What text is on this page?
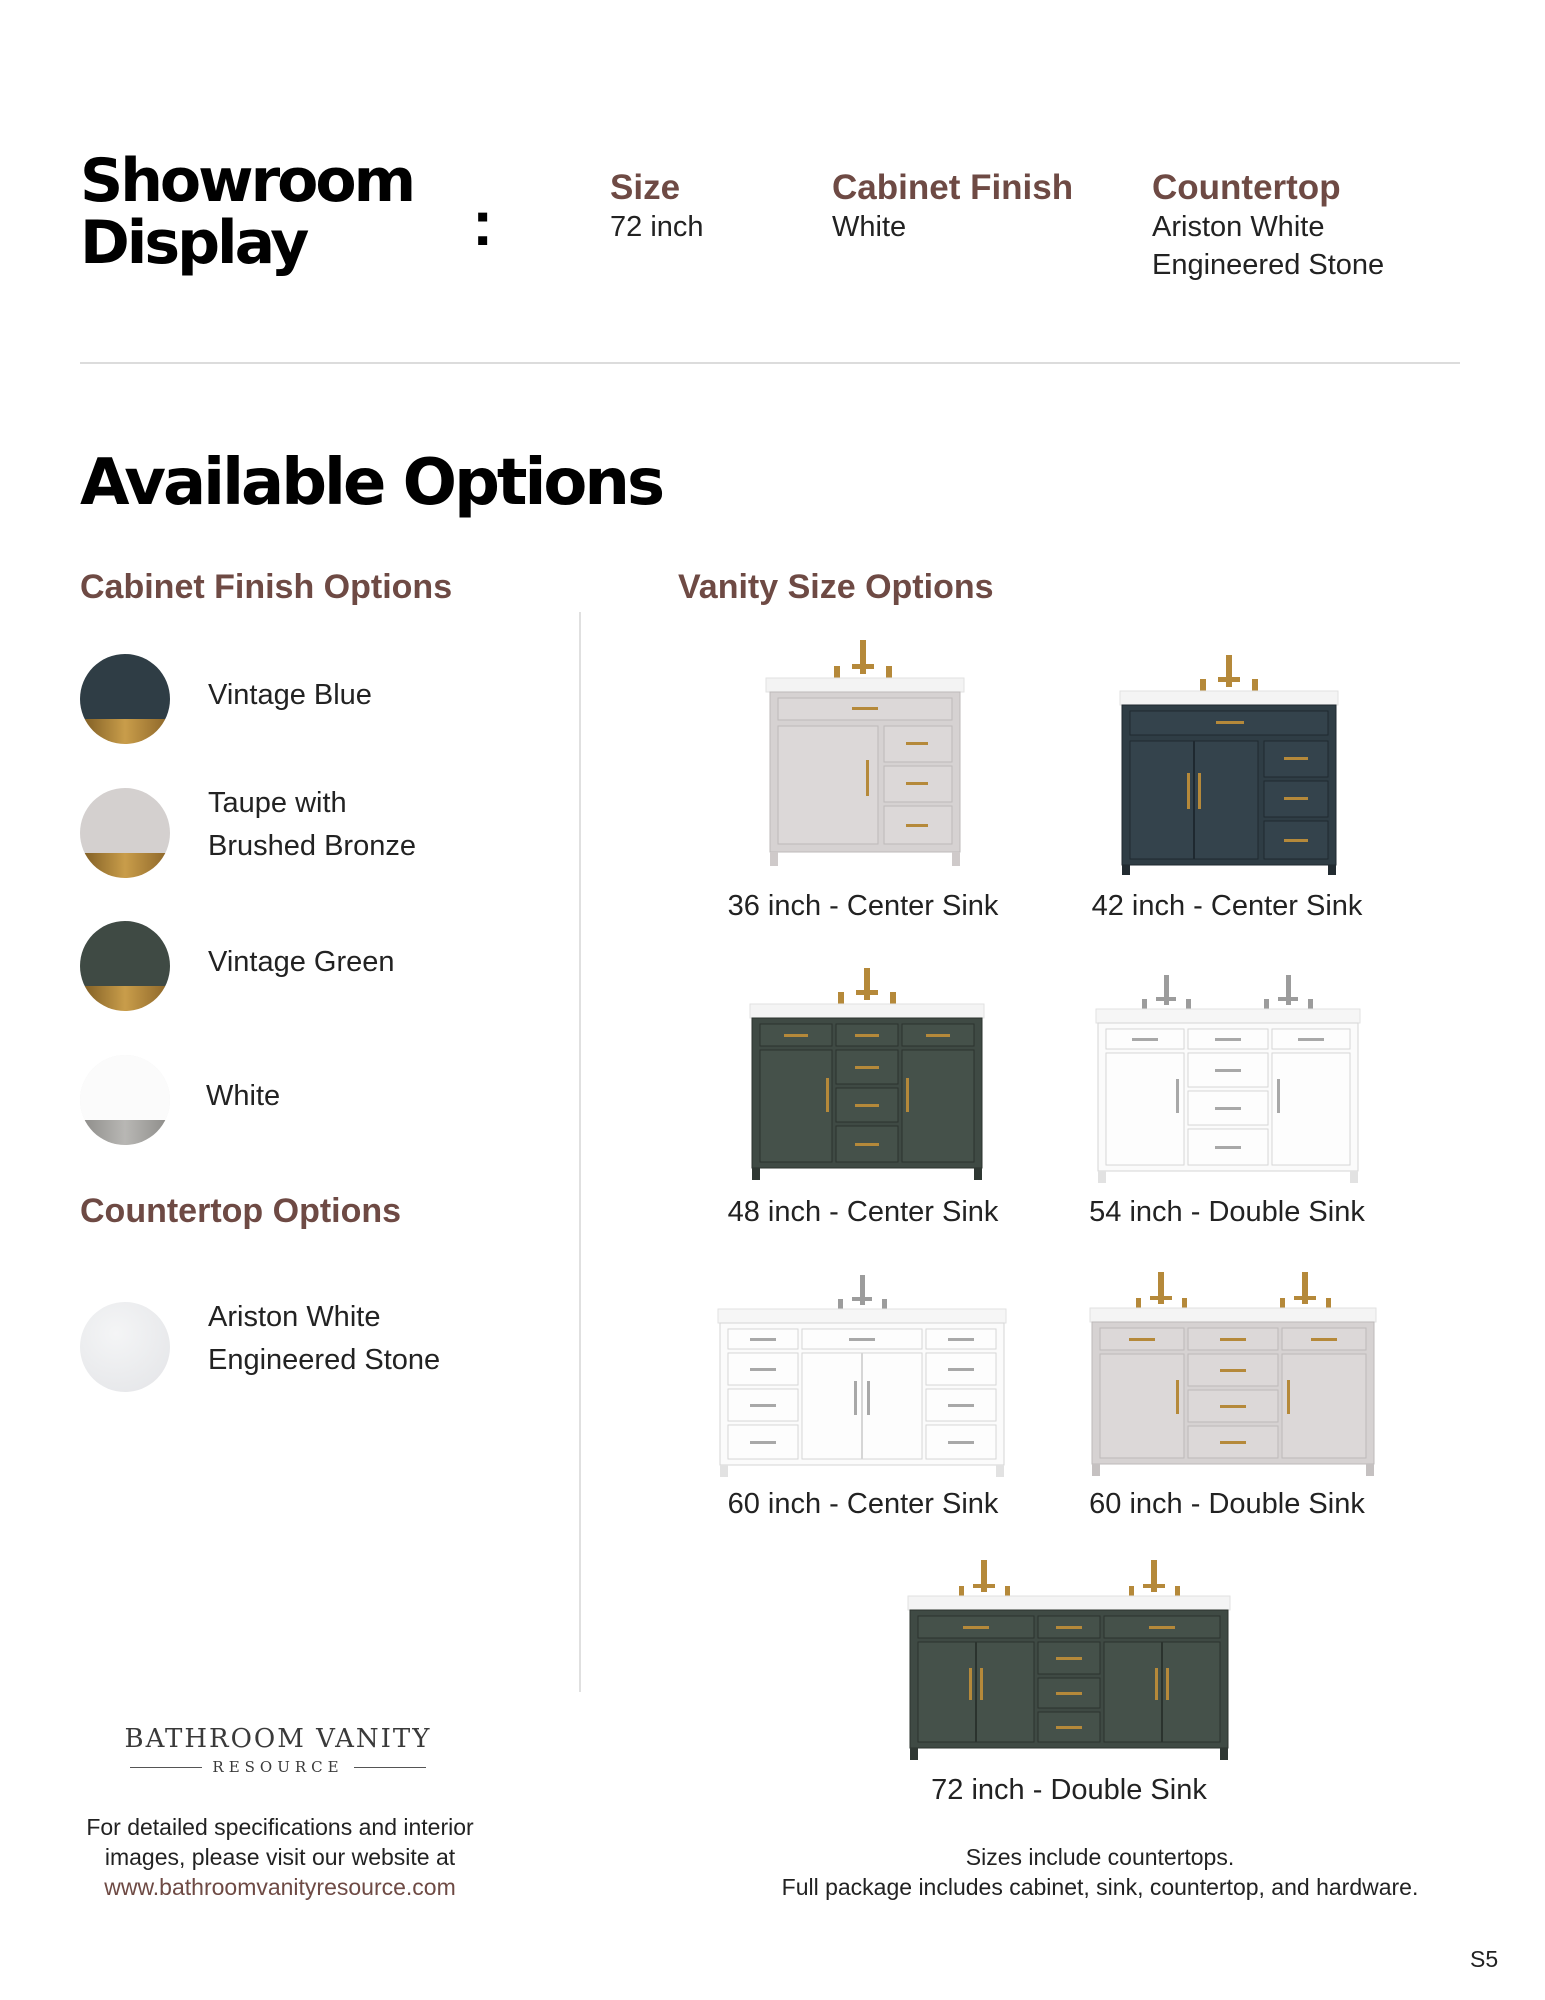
Showroom
Display	:	Size
72 inch
Cabinet Finish
White
Countertop
Ariston White
Engineered Stone
Available Options
Cabinet Finish Options	Vanity Size Options
Vintage Blue
Taupe with
Brushed Bronze
Vintage Green
White
Countertop Options
Ariston White
Engineered Stone
36 inch - Center Sink	42 inch - Center Sink
48 inch - Center Sink	54 inch - Double Sink
60 inch - Center Sink	60 inch - Double Sink
72 inch - Double Sink
BATHROOM VANITY
RESOURCE
For detailed specifications and interior
images, please visit our website at
www.bathroomvanityresource.com
Sizes include countertops.
Full package includes cabinet, sink, countertop, and hardware.
S5
